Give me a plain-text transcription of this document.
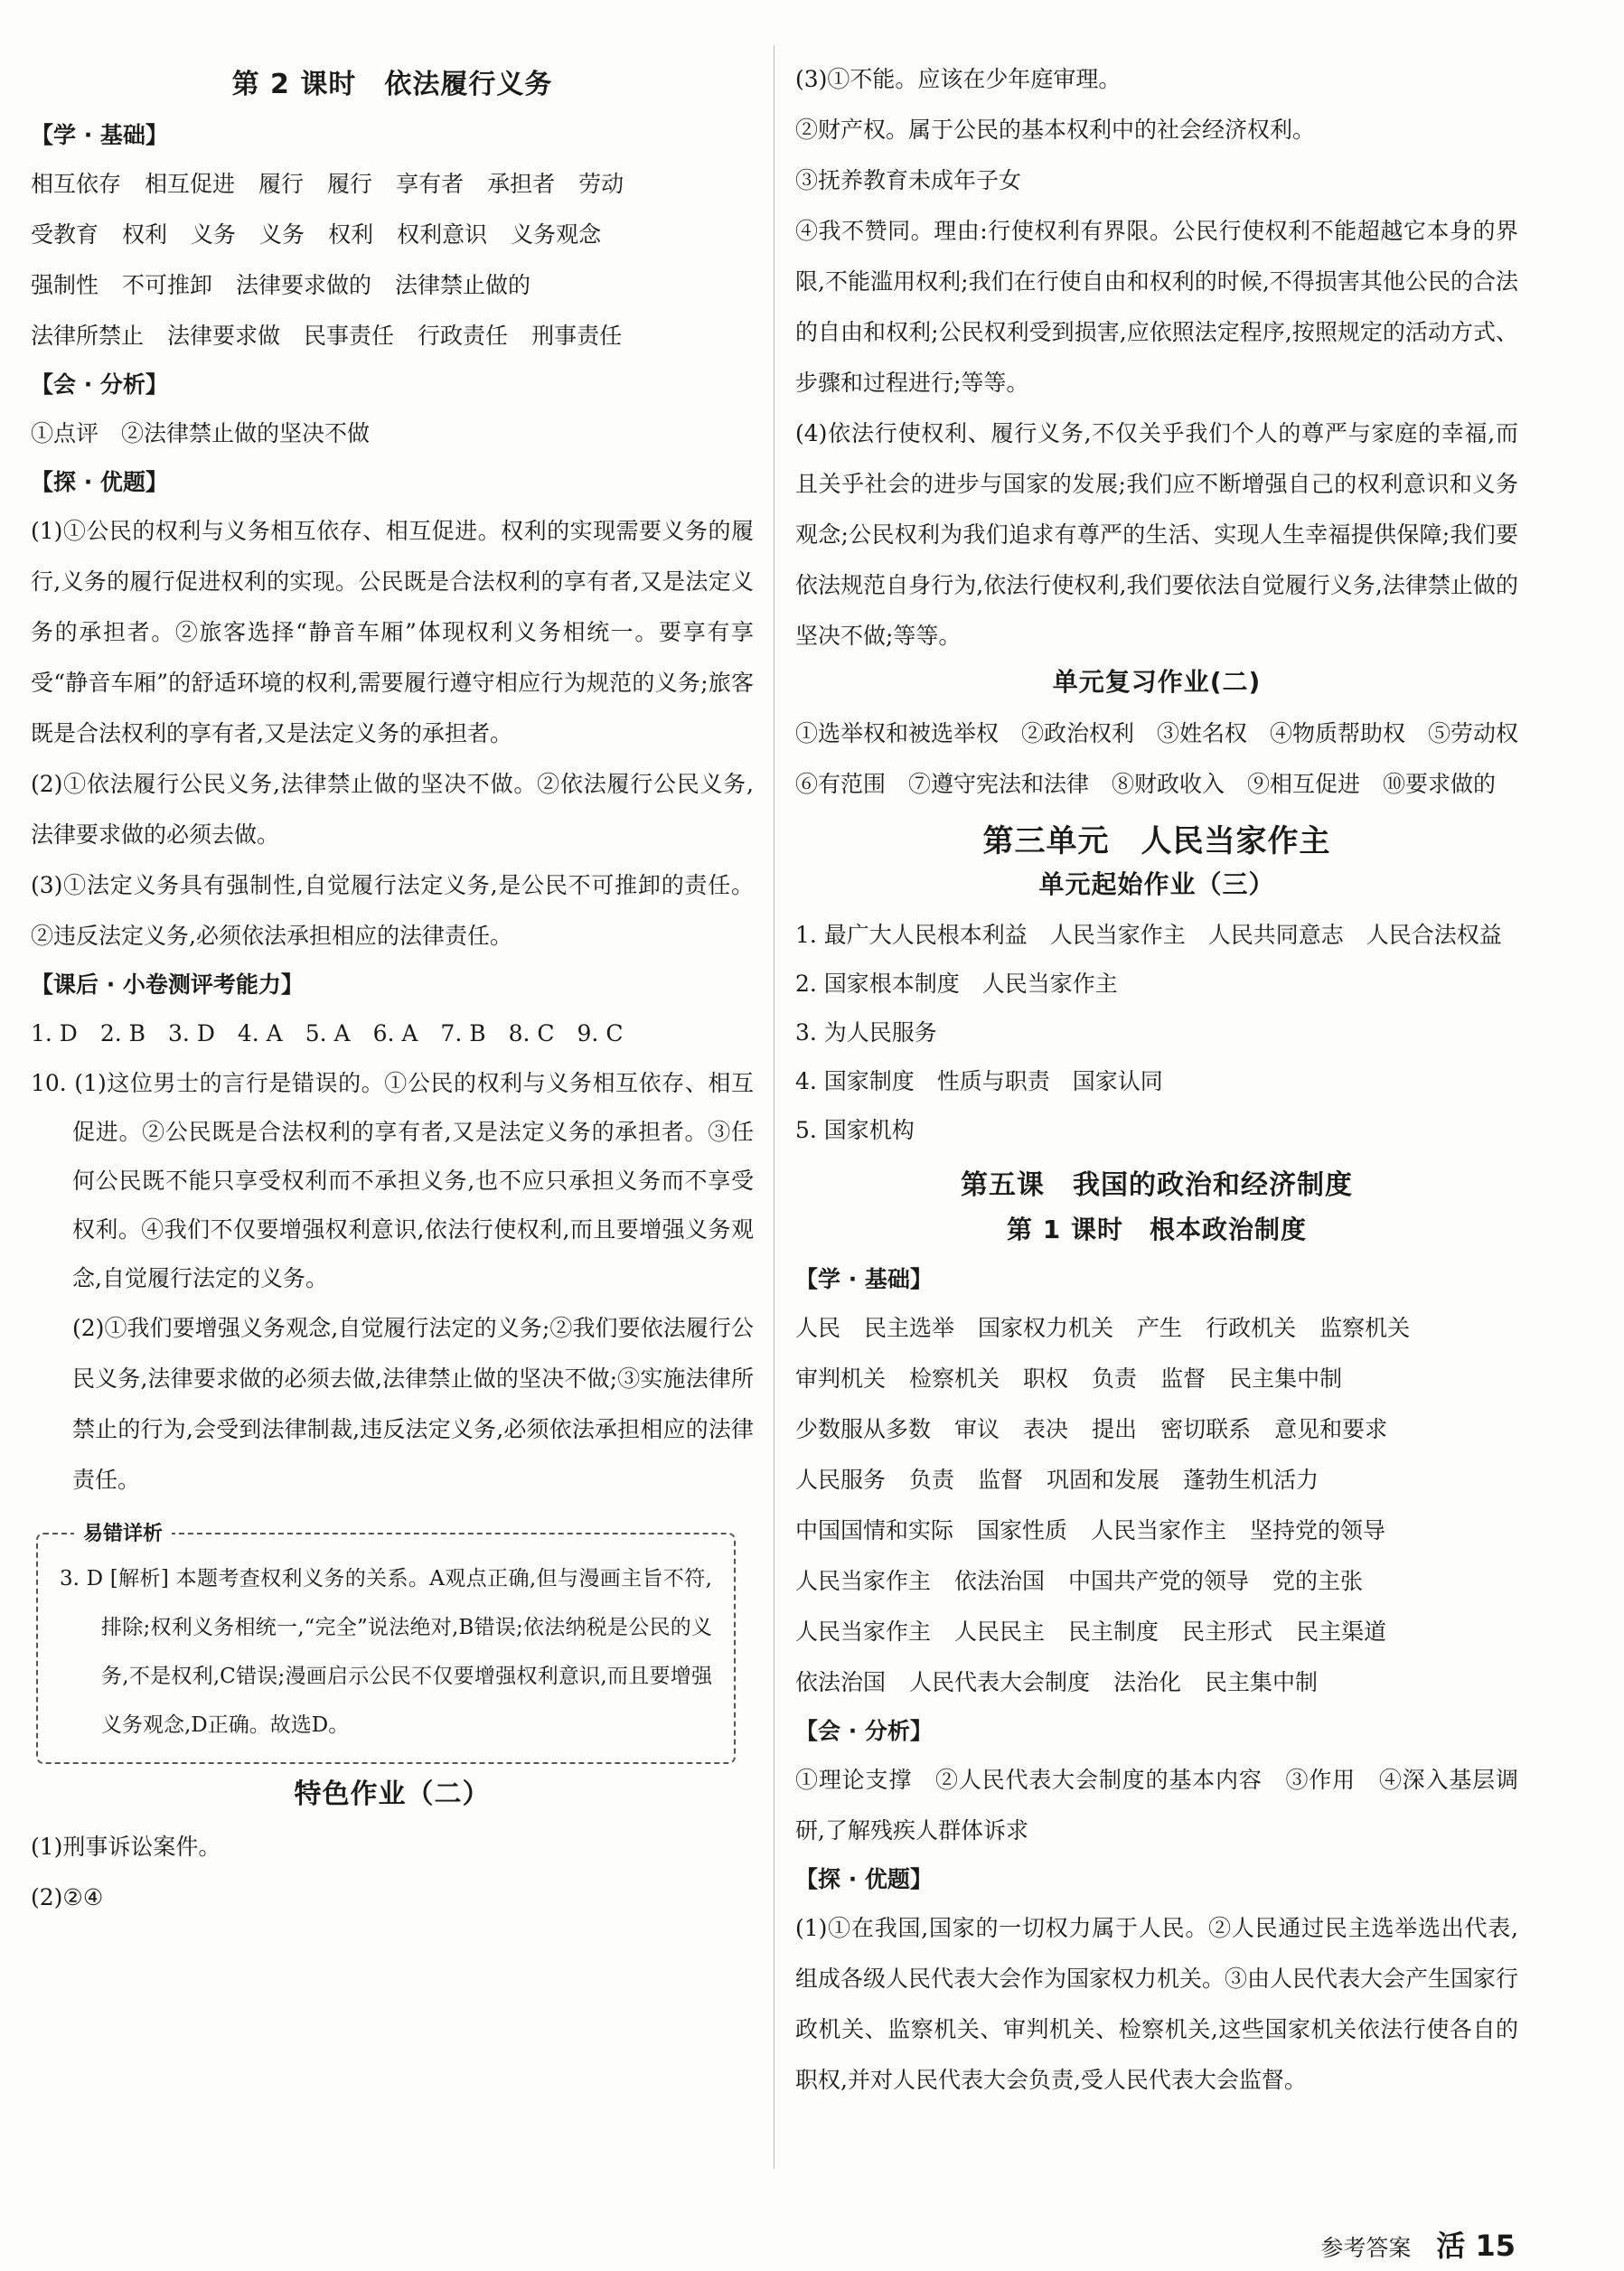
第 2 课时　依法履行义务
【学 · 基础】
相互依存 相互促进 履行 履行 享有者 承担者 劳动
受教育 权利 义务 义务 权利 权利意识 义务观念
强制性 不可推卸 法律要求做的 法律禁止做的
法律所禁止 法律要求做 民事责任 行政责任 刑事责任
【会 · 分析】
①点评　②法律禁止做的坚决不做
【探 · 优题】
(1)①公民的权利与义务相互依存、相互促进。权利的实现需要义务的履行,义务的履行促进权利的实现。公民既是合法权利的享有者,又是法定义务的承担者。②旅客选择“静音车厢”体现权利义务相统一。要享有享受“静音车厢”的舒适环境的权利,需要履行遵守相应行为规范的义务;旅客既是合法权利的享有者,又是法定义务的承担者。
(2)①依法履行公民义务,法律禁止做的坚决不做。②依法履行公民义务,法律要求做的必须去做。
(3)①法定义务具有强制性,自觉履行法定义务,是公民不可推卸的责任。②违反法定义务,必须依法承担相应的法律责任。
【课后 · 小卷测评考能力】
1. D　2. B　3. D　4. A　5. A　6. A　7. B　8. C　9. C
10. (1)这位男士的言行是错误的。①公民的权利与义务相互依存、相互促进。②公民既是合法权利的享有者,又是法定义务的承担者。③任何公民既不能只享受权利而不承担义务,也不应只承担义务而不享受权利。④我们不仅要增强权利意识,依法行使权利,而且要增强义务观念,自觉履行法定的义务。
(2)①我们要增强义务观念,自觉履行法定的义务;②我们要依法履行公民义务,法律要求做的必须去做,法律禁止做的坚决不做;③实施法律所禁止的行为,会受到法律制裁,违反法定义务,必须依法承担相应的法律责任。
易错详析
3. D [解析] 本题考查权利义务的关系。A观点正确,但与漫画主旨不符,排除;权利义务相统一,“完全”说法绝对,B错误;依法纳税是公民的义务,不是权利,C错误;漫画启示公民不仅要增强权利意识,而且要增强义务观念,D正确。故选D。
特色作业（二）
(1)刑事诉讼案件。
(2)②④
(3)①不能。应该在少年庭审理。
②财产权。属于公民的基本权利中的社会经济权利。
③抚养教育未成年子女
④我不赞同。理由:行使权利有界限。公民行使权利不能超越它本身的界限,不能滥用权利;我们在行使自由和权利的时候,不得损害其他公民的合法的自由和权利;公民权利受到损害,应依照法定程序,按照规定的活动方式、步骤和过程进行;等等。
(4)依法行使权利、履行义务,不仅关乎我们个人的尊严与家庭的幸福,而且关乎社会的进步与国家的发展;我们应不断增强自己的权利意识和义务观念;公民权利为我们追求有尊严的生活、实现人生幸福提供保障;我们要依法规范自身行为,依法行使权利,我们要依法自觉履行义务,法律禁止做的坚决不做;等等。
单元复习作业(二)
①选举权和被选举权　②政治权利　③姓名权　④物质帮助权　⑤劳动权　⑥有范围　⑦遵守宪法和法律　⑧财政收入　⑨相互促进　⑩要求做的
第三单元　人民当家作主
单元起始作业（三）
1. 最广大人民根本利益　人民当家作主　人民共同意志　人民合法权益
2. 国家根本制度　人民当家作主
3. 为人民服务
4. 国家制度　性质与职责　国家认同
5. 国家机构
第五课　我国的政治和经济制度
第 1 课时　根本政治制度
【学 · 基础】
人民 民主选举 国家权力机关 产生 行政机关 监察机关
审判机关 检察机关 职权 负责 监督 民主集中制
少数服从多数 审议 表决 提出 密切联系 意见和要求
人民服务 负责 监督 巩固和发展 蓬勃生机活力
中国国情和实际 国家性质 人民当家作主 坚持党的领导
人民当家作主 依法治国 中国共产党的领导 党的主张
人民当家作主 人民民主 民主制度 民主形式 民主渠道
依法治国 人民代表大会制度 法治化 民主集中制
【会 · 分析】
①理论支撑　②人民代表大会制度的基本内容　③作用　④深入基层调研,了解残疾人群体诉求
【探 · 优题】
(1)①在我国,国家的一切权力属于人民。②人民通过民主选举选出代表,组成各级人民代表大会作为国家权力机关。③由人民代表大会产生国家行政机关、监察机关、审判机关、检察机关,这些国家机关依法行使各自的职权,并对人民代表大会负责,受人民代表大会监督。
参考答案 活 15
